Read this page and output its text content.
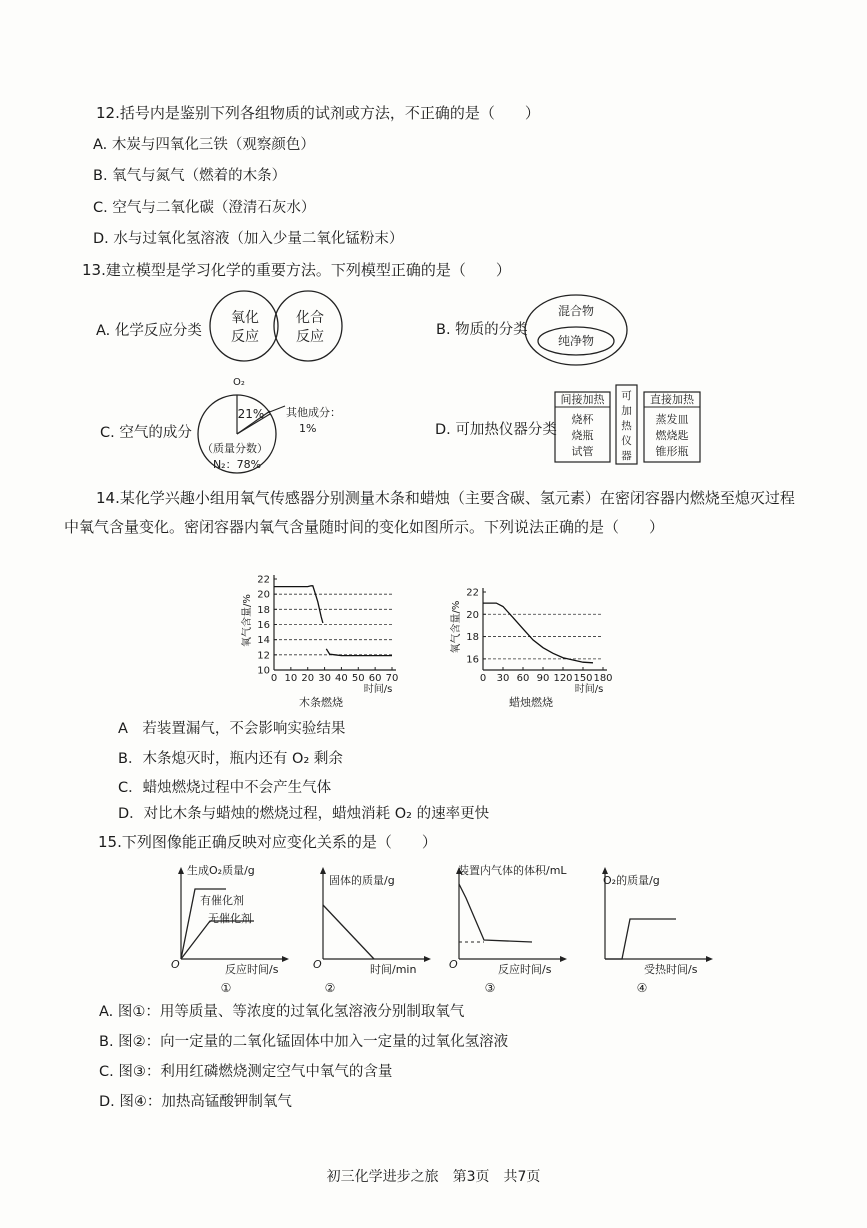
12.括号内是鉴别下列各组物质的试剂或方法，不正确的是（　　）
A. 木炭与四氧化三铁（观察颜色）
B. 氧气与氮气（燃着的木条）
C. 空气与二氧化碳（澄清石灰水）
D. 水与过氧化氢溶液（加入少量二氧化锰粉末）
13.建立模型是学习化学的重要方法。下列模型正确的是（　　）
A. 化学反应分类
氧化
反应
化合
反应	B. 物质的分类
混合物
纯净物
C. 空气的成分
O₂
21% 其他成分：
1%
（质量分数）
N₂：78%
D. 可加热仪器分类
间接加热
烧杯
烧瓶
试管
可
加
热
仪
器
直接加热
蒸发皿
燃烧匙
锥形瓶
14.某化学兴趣小组用氧气传感器分别测量木条和蜡烛（主要含碳、氢元素）在密闭容器内燃烧至熄灭过程
中氧气含量变化。密闭容器内氧气含量随时间的变化如图所示。下列说法正确的是（　　）
10
12
14
16
18
20
22
0 10 20 30 40 50 60 70
氧气含量/%
时间/s
木条燃烧
16
18
20
22
0 30 60 90 120 150 180
氧气含量/%
时间/s
蜡烛燃烧
A　若装置漏气，不会影响实验结果
B．木条熄灭时，瓶内还有 O₂ 剩余
C．蜡烛燃烧过程中不会产生气体
D．对比木条与蜡烛的燃烧过程，蜡烛消耗 O₂ 的速率更快
15.下列图像能正确反映对应变化关系的是（　　）
生成O₂质量/g
有催化剂
无催化剂
O	反应时间/s
①
固体的质量/g
O	时间/min
②
装置内气体的体积/mL
O	反应时间/s
③
O₂的质量/g
受热时间/s
④
A. 图①：用等质量、等浓度的过氧化氢溶液分别制取氧气
B. 图②：向一定量的二氧化锰固体中加入一定量的过氧化氢溶液
C. 图③：利用红磷燃烧测定空气中氧气的含量
D. 图④：加热高锰酸钾制氧气
初三化学进步之旅　第3页　共7页
